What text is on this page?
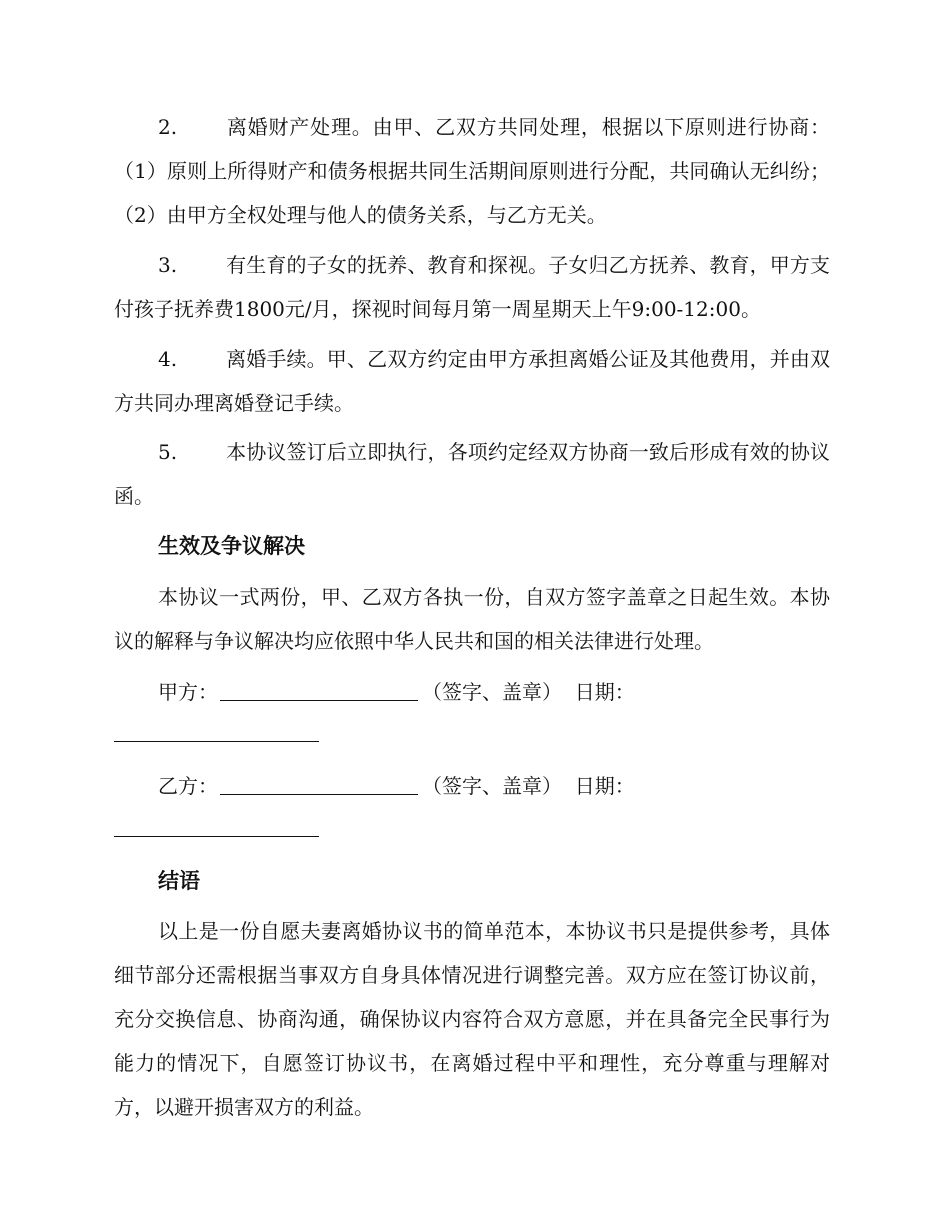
2. 离婚财产处理。由甲、乙双方共同处理，根据以下原则进行协商：（1）原则上所得财产和债务根据共同生活期间原则进行分配，共同确认无纠纷；（2）由甲方全权处理与他人的债务关系，与乙方无关。
3. 有生育的子女的抚养、教育和探视。子女归乙方抚养、教育，甲方支付孩子抚养费1800元/月，探视时间每月第一周星期天上午9:00-12:00。
4. 离婚手续。甲、乙双方约定由甲方承担离婚公证及其他费用，并由双方共同办理离婚登记手续。
5. 本协议签订后立即执行，各项约定经双方协商一致后形成有效的协议函。
生效及争议解决
本协议一式两份，甲、乙双方各执一份，自双方签字盖章之日起生效。本协议的解释与争议解决均应依照中华人民共和国的相关法律进行处理。
甲方：	（签字、盖章） 日期：
乙方：	（签字、盖章） 日期：
结语
以上是一份自愿夫妻离婚协议书的简单范本，本协议书只是提供参考，具体细节部分还需根据当事双方自身具体情况进行调整完善。双方应在签订协议前，充分交换信息、协商沟通，确保协议内容符合双方意愿，并在具备完全民事行为能力的情况下，自愿签订协议书，在离婚过程中平和理性，充分尊重与理解对方，以避开损害双方的利益。
